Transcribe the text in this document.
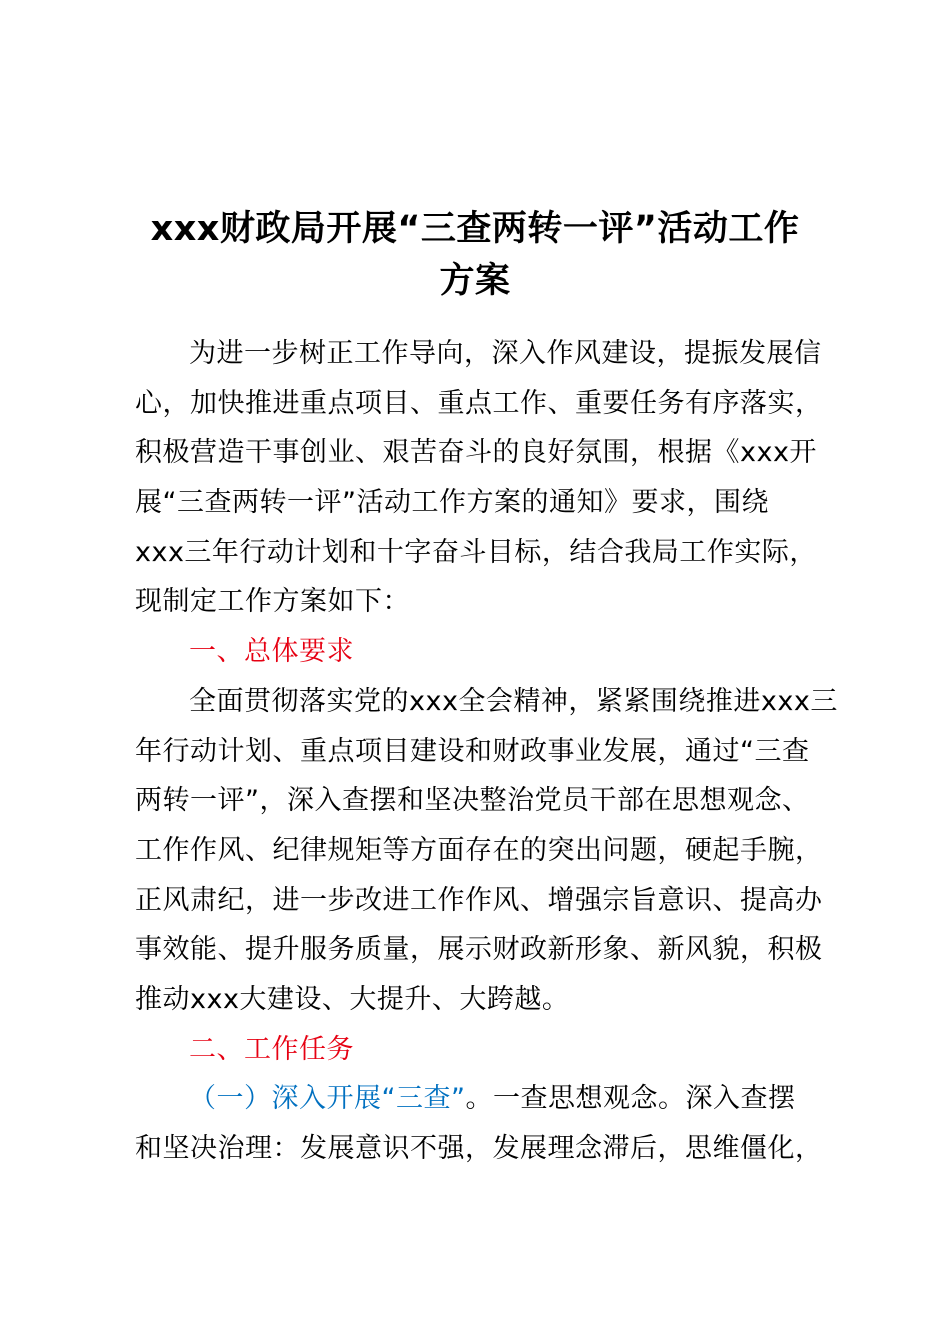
xxx财政局开展“三查两转一评”活动工作
方案
为进一步树正工作导向，深入作风建设，提振发展信
心，加快推进重点项目、重点工作、重要任务有序落实，
积极营造干事创业、艰苦奋斗的良好氛围，根据《xxx开
展“三查两转一评”活动工作方案的通知》要求，围绕
xxx三年行动计划和十字奋斗目标，结合我局工作实际，
现制定工作方案如下：
一、总体要求
全面贯彻落实党的xxx全会精神，紧紧围绕推进xxx三
年行动计划、重点项目建设和财政事业发展，通过“三查
两转一评”，深入查摆和坚决整治党员干部在思想观念、
工作作风、纪律规矩等方面存在的突出问题，硬起手腕，
正风肃纪，进一步改进工作作风、增强宗旨意识、提高办
事效能、提升服务质量，展示财政新形象、新风貌，积极
推动xxx大建设、大提升、大跨越。
二、工作任务
（一）深入开展“三查”。一查思想观念。深入查摆
和坚决治理：发展意识不强，发展理念滞后，思维僵化，
